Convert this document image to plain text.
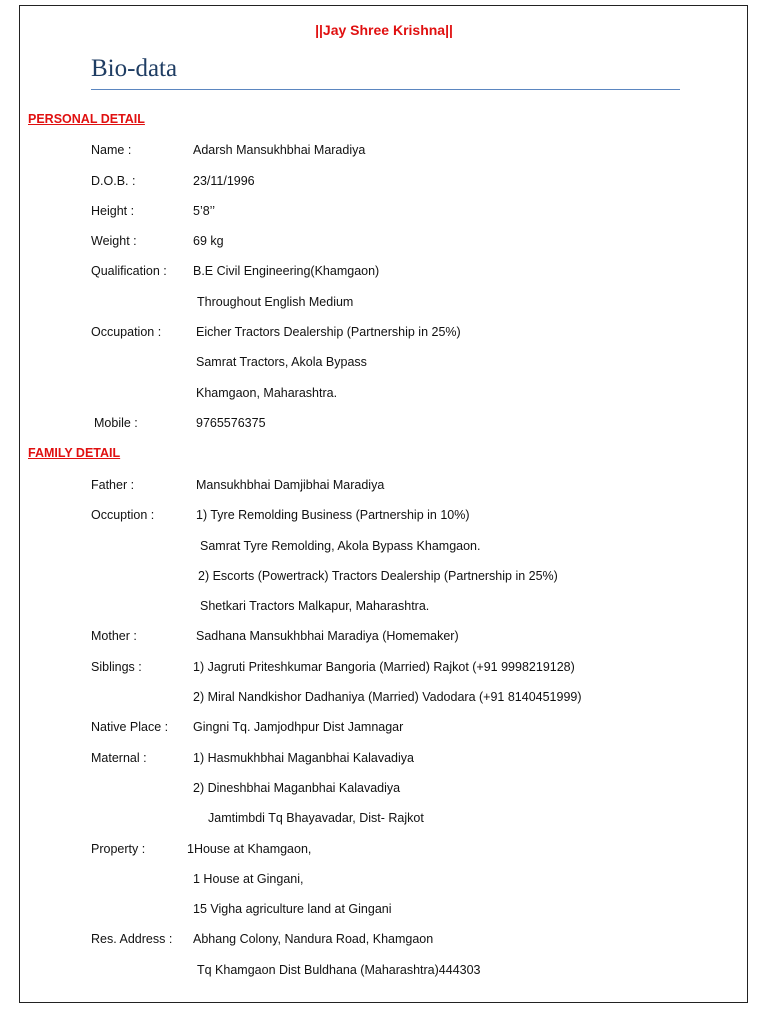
||Jay Shree Krishna||
Bio-data
PERSONAL DETAIL
Name :	Adarsh Mansukhbhai Maradiya
D.O.B. :	23/11/1996
Height :	5’8’’
Weight :	69 kg
Qualification : B.E Civil Engineering(Khamgaon)
Throughout English Medium
Occupation :	Eicher Tractors Dealership (Partnership in 25%)
Samrat Tractors, Akola Bypass
Khamgaon, Maharashtra.
Mobile :	9765576375
FAMILY DETAIL
Father :	Mansukhbhai Damjibhai Maradiya
Occuption :	1) Tyre Remolding Business (Partnership in 10%)
Samrat Tyre Remolding, Akola Bypass Khamgaon.
2) Escorts (Powertrack) Tractors Dealership (Partnership in 25%)
Shetkari Tractors Malkapur, Maharashtra.
Mother :	Sadhana Mansukhbhai Maradiya (Homemaker)
Siblings :	1) Jagruti Priteshkumar Bangoria (Married) Rajkot (+91 9998219128)
2) Miral Nandkishor Dadhaniya (Married) Vadodara (+91 8140451999)
Native Place : Gingni Tq. Jamjodhpur Dist Jamnagar
Maternal :	1) Hasmukhbhai Maganbhai Kalavadiya
2) Dineshbhai Maganbhai Kalavadiya
Jamtimbdi Tq Bhayavadar, Dist- Rajkot
Property :	1House at Khamgaon,
1 House at Gingani,
15 Vigha agriculture land at Gingani
Res. Address : Abhang Colony, Nandura Road, Khamgaon
Tq Khamgaon Dist Buldhana (Maharashtra)444303
